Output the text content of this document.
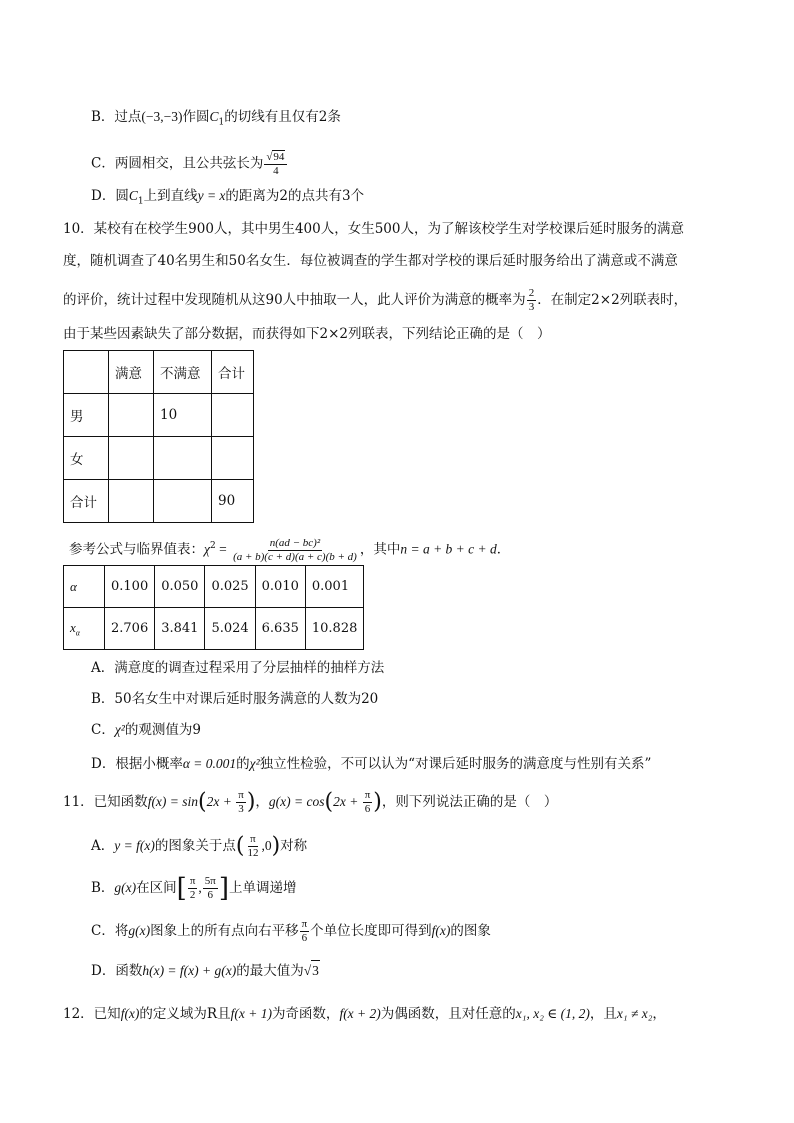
B．过点(−3,−3)作圆$C_1$的切线有且仅有2条
C．两圆相交，且公共弦长为 $\frac{√94}{4}$
D．圆$C_1$上到直线y = x的距离为2的点共有3个
10．某校有在校学生900人，其中男生400人，女生500人，为了解该校学生对学校课后延时服务的满意
度，随机调查了40名男生和50名女生．每位被调查的学生都对学校的课后延时服务给出了满意或不满意
的评价，统计过程中发现随机从这90人中抽取一人，此人评价为满意的概率为 $\frac{2}{3}$ ．在制定2×2列联表时，
由于某些因素缺失了部分数据，而获得如下2×2列联表，下列结论正确的是（　）
	满意	不满意	合计
男		10	
女			
合计			90
参考公式与临界值表：$\chi^2 = \frac{\text{n(ad − bc)²}}{(a + b)(c + d)(a + c)(b + d)}$ ，其中n = a + b + c + d．
α	0.100	0.050	0.025	0.010	0.001
$x_\alpha$	2.706	3.841	5.024	6.635	10.828
A．满意度的调查过程采用了分层抽样的抽样方法
B．50名女生中对课后延时服务满意的人数为20
C．χ²的观测值为9
D．根据小概率α = 0.001的χ²独立性检验，不可以认为“对课后延时服务的满意度与性别有关系”
11．已知函数$f(x) = \sin(2x + \frac{\pi}{3}$ )，$g(x) = \cos(2x + \frac{\pi}{6}$ )，则下列说法正确的是（　）
A．y = f(x)的图象关于点( $\frac{\pi}{12} ,0$)对称
B．g(x)在区间[ $\frac{\pi}{2}$ , $\frac{5\pi}{6}$ ]上单调递增
C．将g(x)图象上的所有点向右平移 $\frac{\pi}{6}$ 个单位长度即可得到f(x)的图象
D．函数h(x) = f(x) + g(x)的最大值为√3
12．已知f(x)的定义域为R且f(x + 1)为奇函数，f(x + 2)为偶函数，且对任意的x₁, x₂ ∈ (1, 2)，且x₁ ≠ x₂，
